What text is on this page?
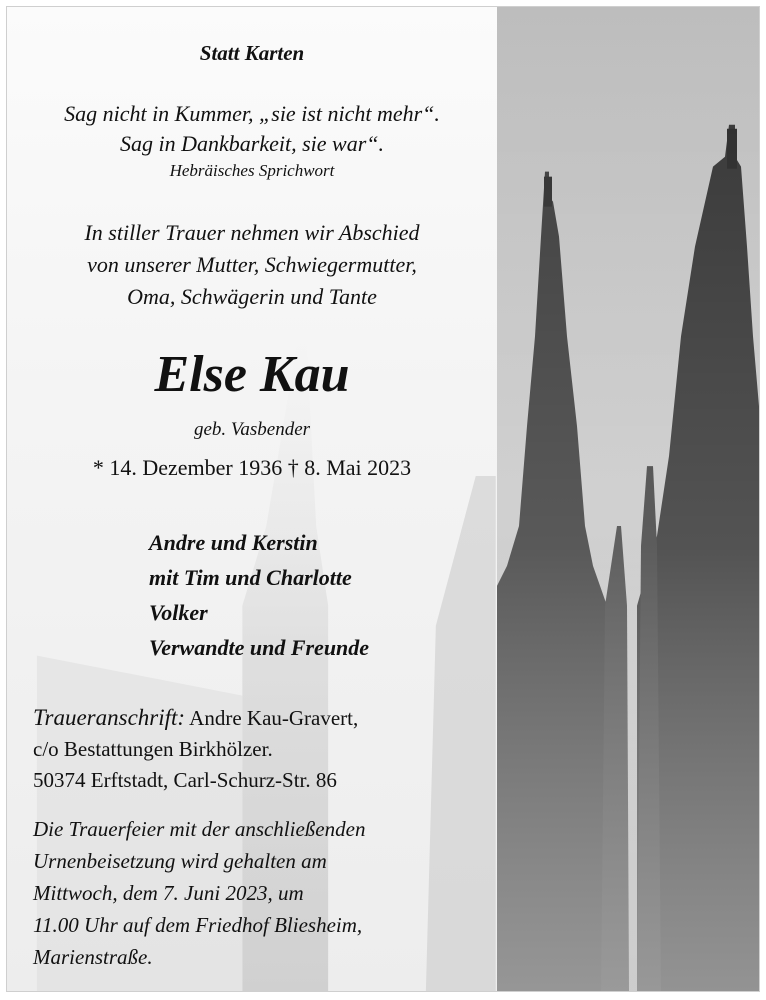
Statt Karten
Sag nicht in Kummer, „sie ist nicht mehr“.
Sag in Dankbarkeit, sie war“.
Hebräisches Sprichwort
In stiller Trauer nehmen wir Abschied
von unserer Mutter, Schwiegermutter,
Oma, Schwägerin und Tante
Else Kau
geb. Vasbender
* 14. Dezember 1936 † 8. Mai 2023
Andre und Kerstin
mit Tim und Charlotte
Volker
Verwandte und Freunde
Traueranschrift: Andre Kau-Gravert,
c/o Bestattungen Birkhölzer.
50374 Erftstadt, Carl-Schurz-Str. 86
Die Trauerfeier mit der anschließenden
Urnenbeisetzung wird gehalten am
Mittwoch, dem 7. Juni 2023, um
11.00 Uhr auf dem Friedhof Bliesheim,
Marienstraße.
